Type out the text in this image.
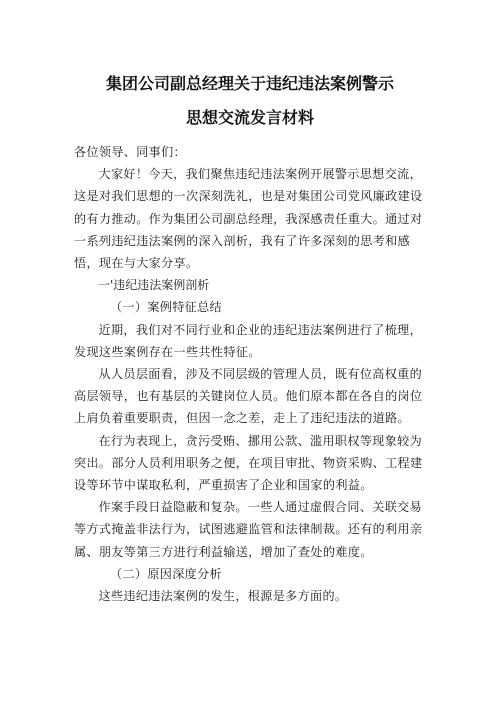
集团公司副总经理关于违纪违法案例警示
思想交流发言材料

各位领导、同事们：

大家好！今天，我们聚焦违纪违法案例开展警示思想交流，这是对我们思想的一次深刻洗礼，也是对集团公司党风廉政建设的有力推动。作为集团公司副总经理，我深感责任重大。通过对一系列违纪违法案例的深入剖析，我有了许多深刻的思考和感悟，现在与大家分享。

一'违纪违法案例剖析

（一）案例特征总结

近期，我们对不同行业和企业的违纪违法案例进行了梳理，发现这些案例存在一些共性特征。

从人员层面看，涉及不同层级的管理人员，既有位高权重的高层领导，也有基层的关键岗位人员。他们原本都在各自的岗位上肩负着重要职责，但因一念之差，走上了违纪违法的道路。

在行为表现上，贪污受贿、挪用公款、滥用职权等现象较为突出。部分人员利用职务之便，在项目审批、物资采购、工程建设等环节中谋取私利，严重损害了企业和国家的利益。

作案手段日益隐蔽和复杂。一些人通过虚假合同、关联交易等方式掩盖非法行为，试图逃避监管和法律制裁。还有的利用亲属、朋友等第三方进行利益输送，增加了查处的难度。

（二）原因深度分析

这些违纪违法案例的发生，根源是多方面的。
